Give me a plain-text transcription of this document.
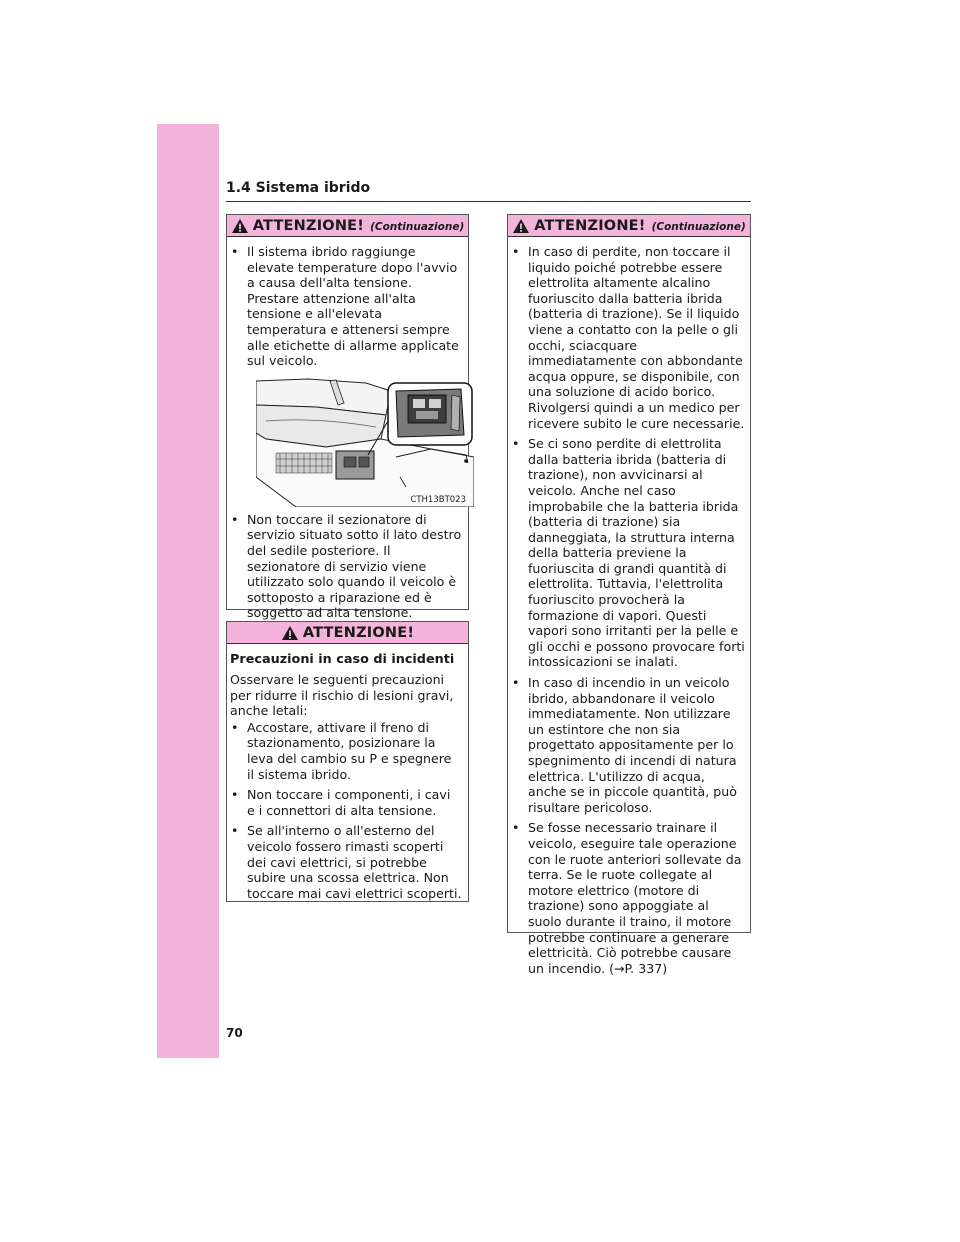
1.4 Sistema ibrido
ATTENZIONE! (Continuazione)
• Il sistema ibrido raggiunge elevate temperature dopo l'avvio a causa dell'alta tensione. Prestare attenzione all'alta tensione e all'elevata temperatura e attenersi sempre alle etichette di allarme applicate sul veicolo.
CTH13BT023
• Non toccare il sezionatore di servizio situato sotto il lato destro del sedile posteriore. Il sezionatore di servizio viene utilizzato solo quando il veicolo è sottoposto a riparazione ed è soggetto ad alta tensione.
ATTENZIONE!
Precauzioni in caso di incidenti
Osservare le seguenti precauzioni per ridurre il rischio di lesioni gravi, anche letali:
• Accostare, attivare il freno di stazionamento, posizionare la leva del cambio su P e spegnere il sistema ibrido.
• Non toccare i componenti, i cavi e i connettori di alta tensione.
• Se all'interno o all'esterno del veicolo fossero rimasti scoperti dei cavi elettrici, si potrebbe subire una scossa elettrica. Non toccare mai cavi elettrici scoperti.
ATTENZIONE! (Continuazione)
• In caso di perdite, non toccare il liquido poiché potrebbe essere elettrolita altamente alcalino fuoriuscito dalla batteria ibrida (batteria di trazione). Se il liquido viene a contatto con la pelle o gli occhi, sciacquare immediatamente con abbondante acqua oppure, se disponibile, con una soluzione di acido borico. Rivolgersi quindi a un medico per ricevere subito le cure necessarie.
• Se ci sono perdite di elettrolita dalla batteria ibrida (batteria di trazione), non avvicinarsi al veicolo. Anche nel caso improbabile che la batteria ibrida (batteria di trazione) sia danneggiata, la struttura interna della batteria previene la fuoriuscita di grandi quantità di elettrolita. Tuttavia, l'elettrolita fuoriuscito provocherà la formazione di vapori. Questi vapori sono irritanti per la pelle e gli occhi e possono provocare forti intossicazioni se inalati.
• In caso di incendio in un veicolo ibrido, abbandonare il veicolo immediatamente. Non utilizzare un estintore che non sia progettato appositamente per lo spegnimento di incendi di natura elettrica. L'utilizzo di acqua, anche se in piccole quantità, può risultare pericoloso.
• Se fosse necessario trainare il veicolo, eseguire tale operazione con le ruote anteriori sollevate da terra. Se le ruote collegate al motore elettrico (motore di trazione) sono appoggiate al suolo durante il traino, il motore potrebbe continuare a generare elettricità. Ciò potrebbe causare un incendio. (→P. 337)
70
